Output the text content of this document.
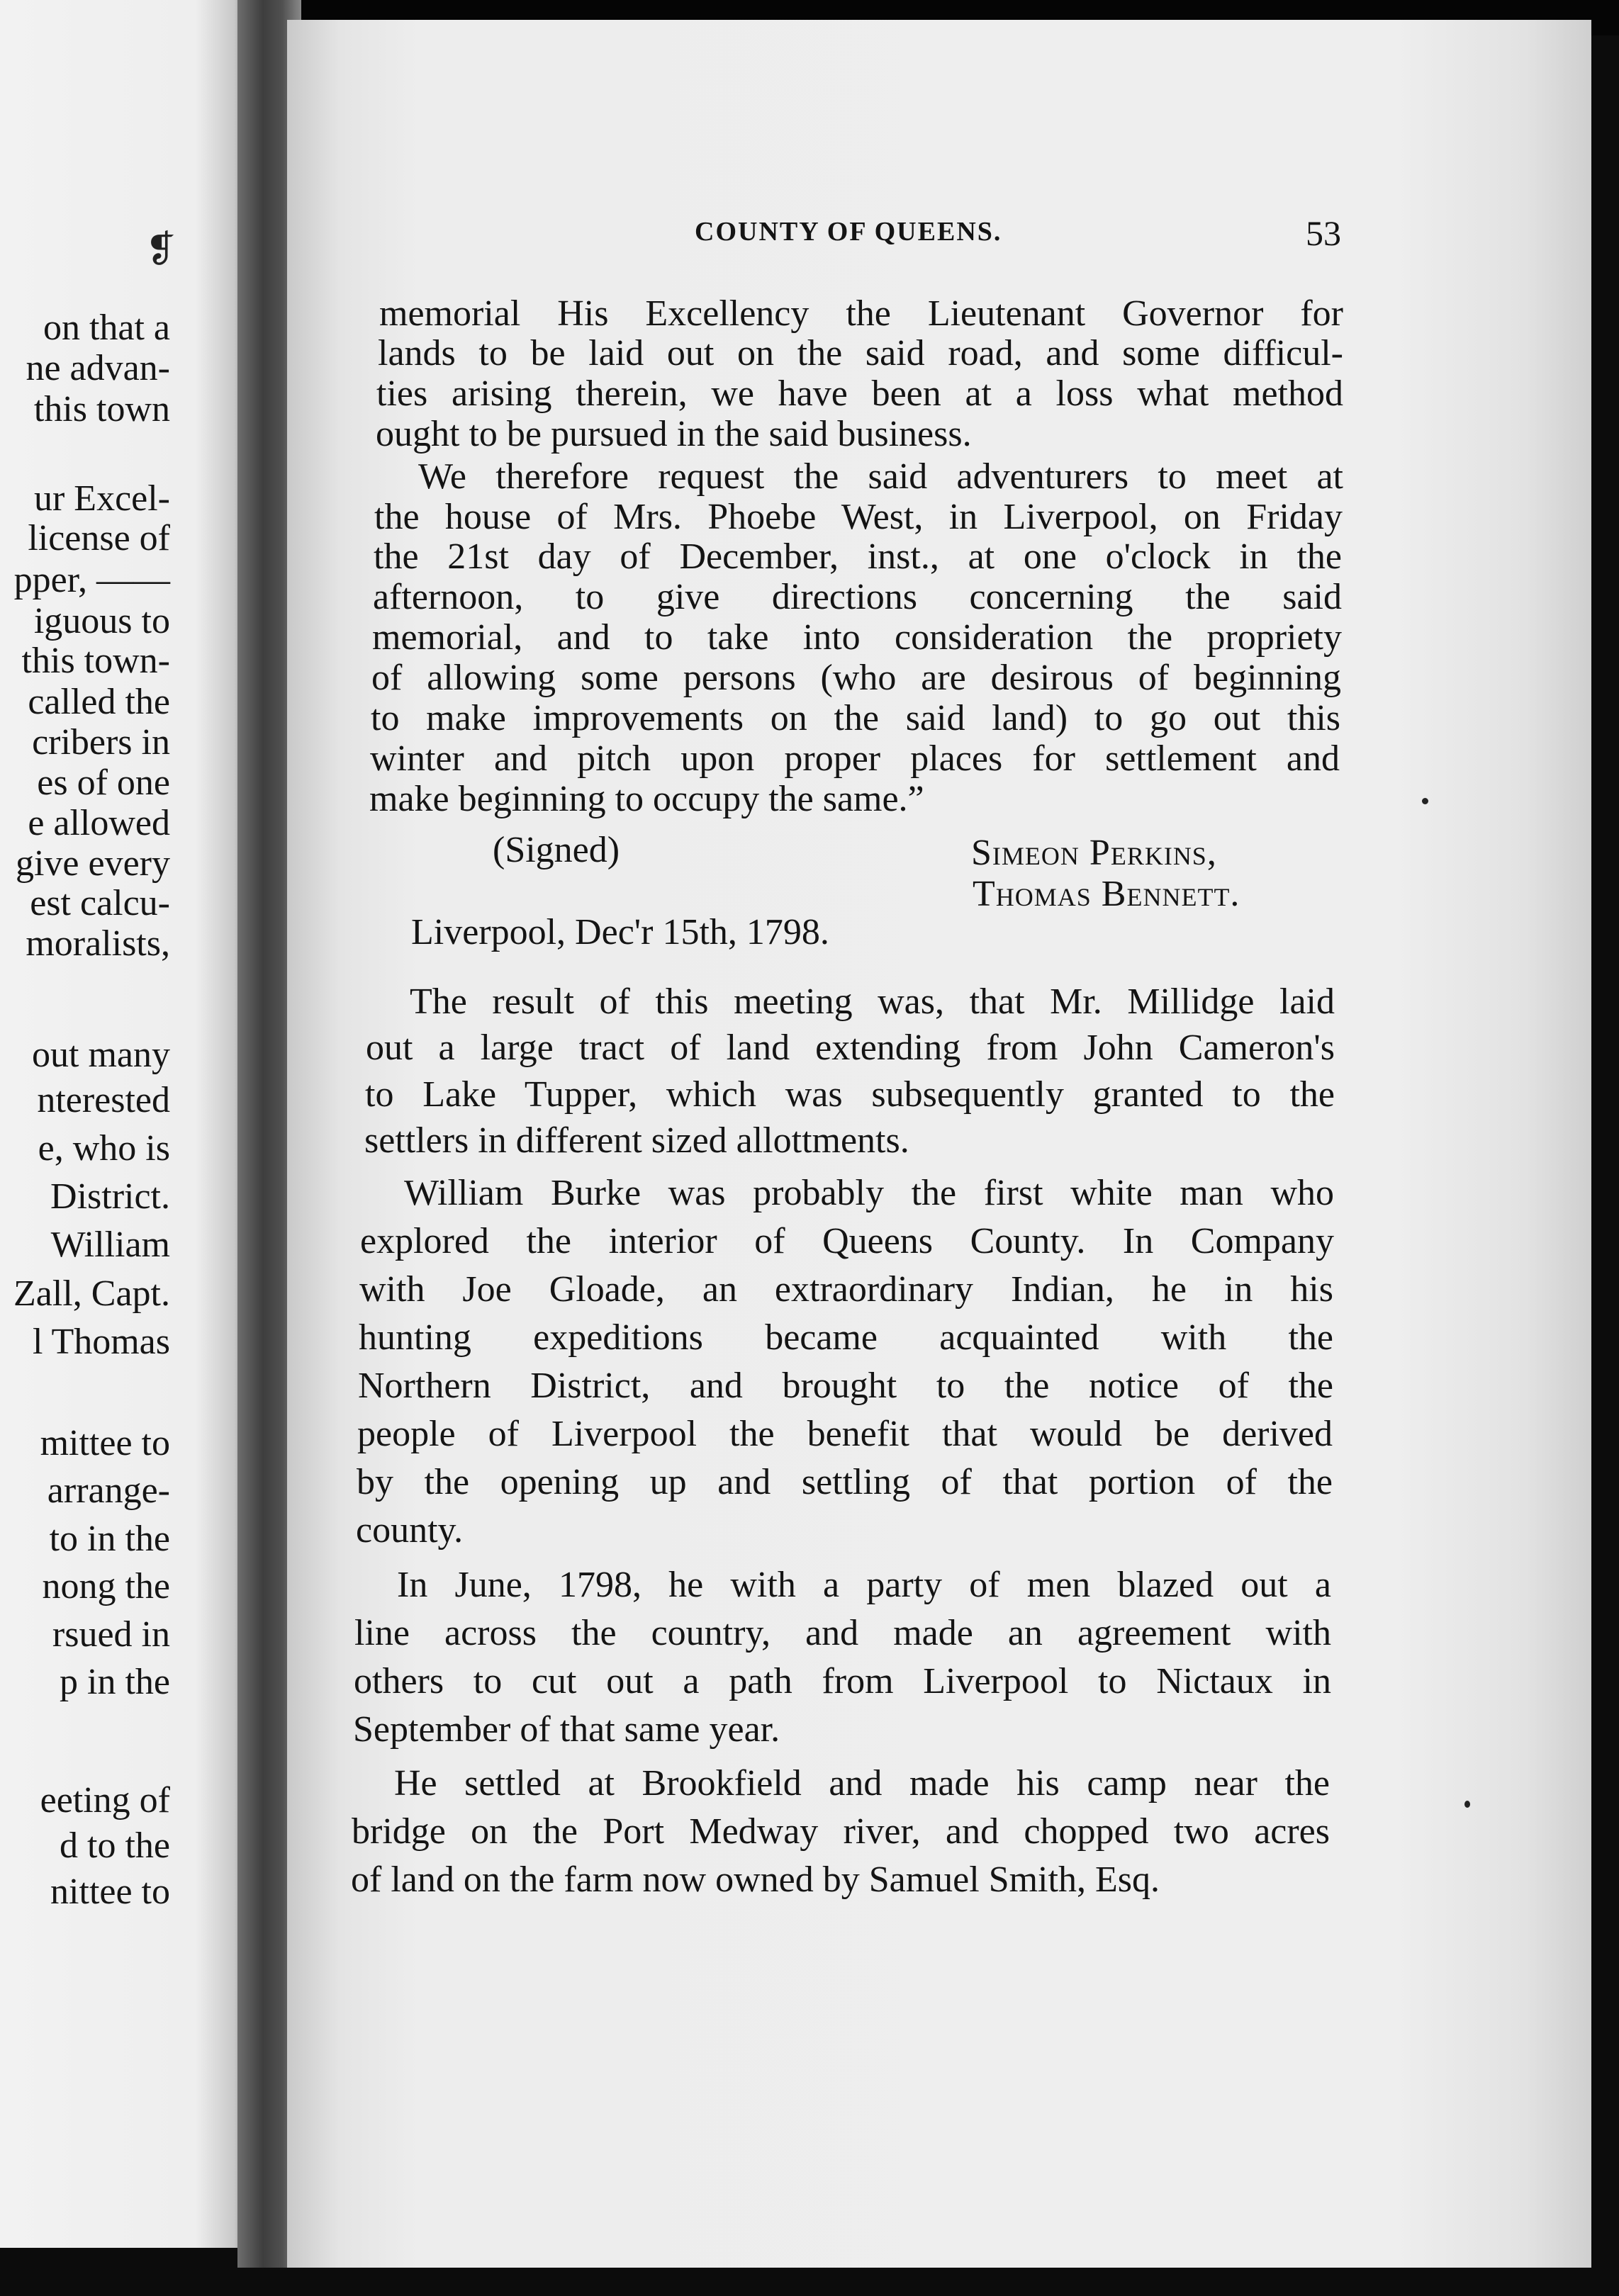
❡
on that a
ne advan-
this town
ur Excel-
license of
pper, ——
iguous to
this town-
called the
cribers in
es of one
e allowed
give every
est calcu-
moralists,
out many
nterested
e, who is
District.
William
Zall, Capt.
l Thomas
mittee to
arrange-
to in the
nong the
rsued in
p in the
eeting of
d to the
nittee to
COUNTY OF QUEENS.	53
memorial His Excellency the Lieutenant Governor for
lands to be laid out on the said road, and some difficul-
ties arising therein, we have been at a loss what method
ought to be pursued in the said business.
We therefore request the said adventurers to meet at
the house of Mrs. Phoebe West, in Liverpool, on Friday
the 21st day of December, inst., at one o'clock in the
afternoon, to give directions concerning the said
memorial, and to take into consideration the propriety
of allowing some persons (who are desirous of beginning
to make improvements on the said land) to go out this
winter and pitch upon proper places for settlement and
make beginning to occupy the same.”
(Signed)	Simeon Perkins,
Thomas Bennett.
Liverpool, Dec'r 15th, 1798.
The result of this meeting was, that Mr. Millidge laid
out a large tract of land extending from John Cameron's
to Lake Tupper, which was subsequently granted to the
settlers in different sized allottments.
William Burke was probably the first white man who
explored the interior of Queens County. In Company
with Joe Gloade, an extraordinary Indian, he in his
hunting expeditions became acquainted with the
Northern District, and brought to the notice of the
people of Liverpool the benefit that would be derived
by the opening up and settling of that portion of the
county.
In June, 1798, he with a party of men blazed out a
line across the country, and made an agreement with
others to cut out a path from Liverpool to Nictaux in
September of that same year.
He settled at Brookfield and made his camp near the
bridge on the Port Medway river, and chopped two acres
of land on the farm now owned by Samuel Smith, Esq.
